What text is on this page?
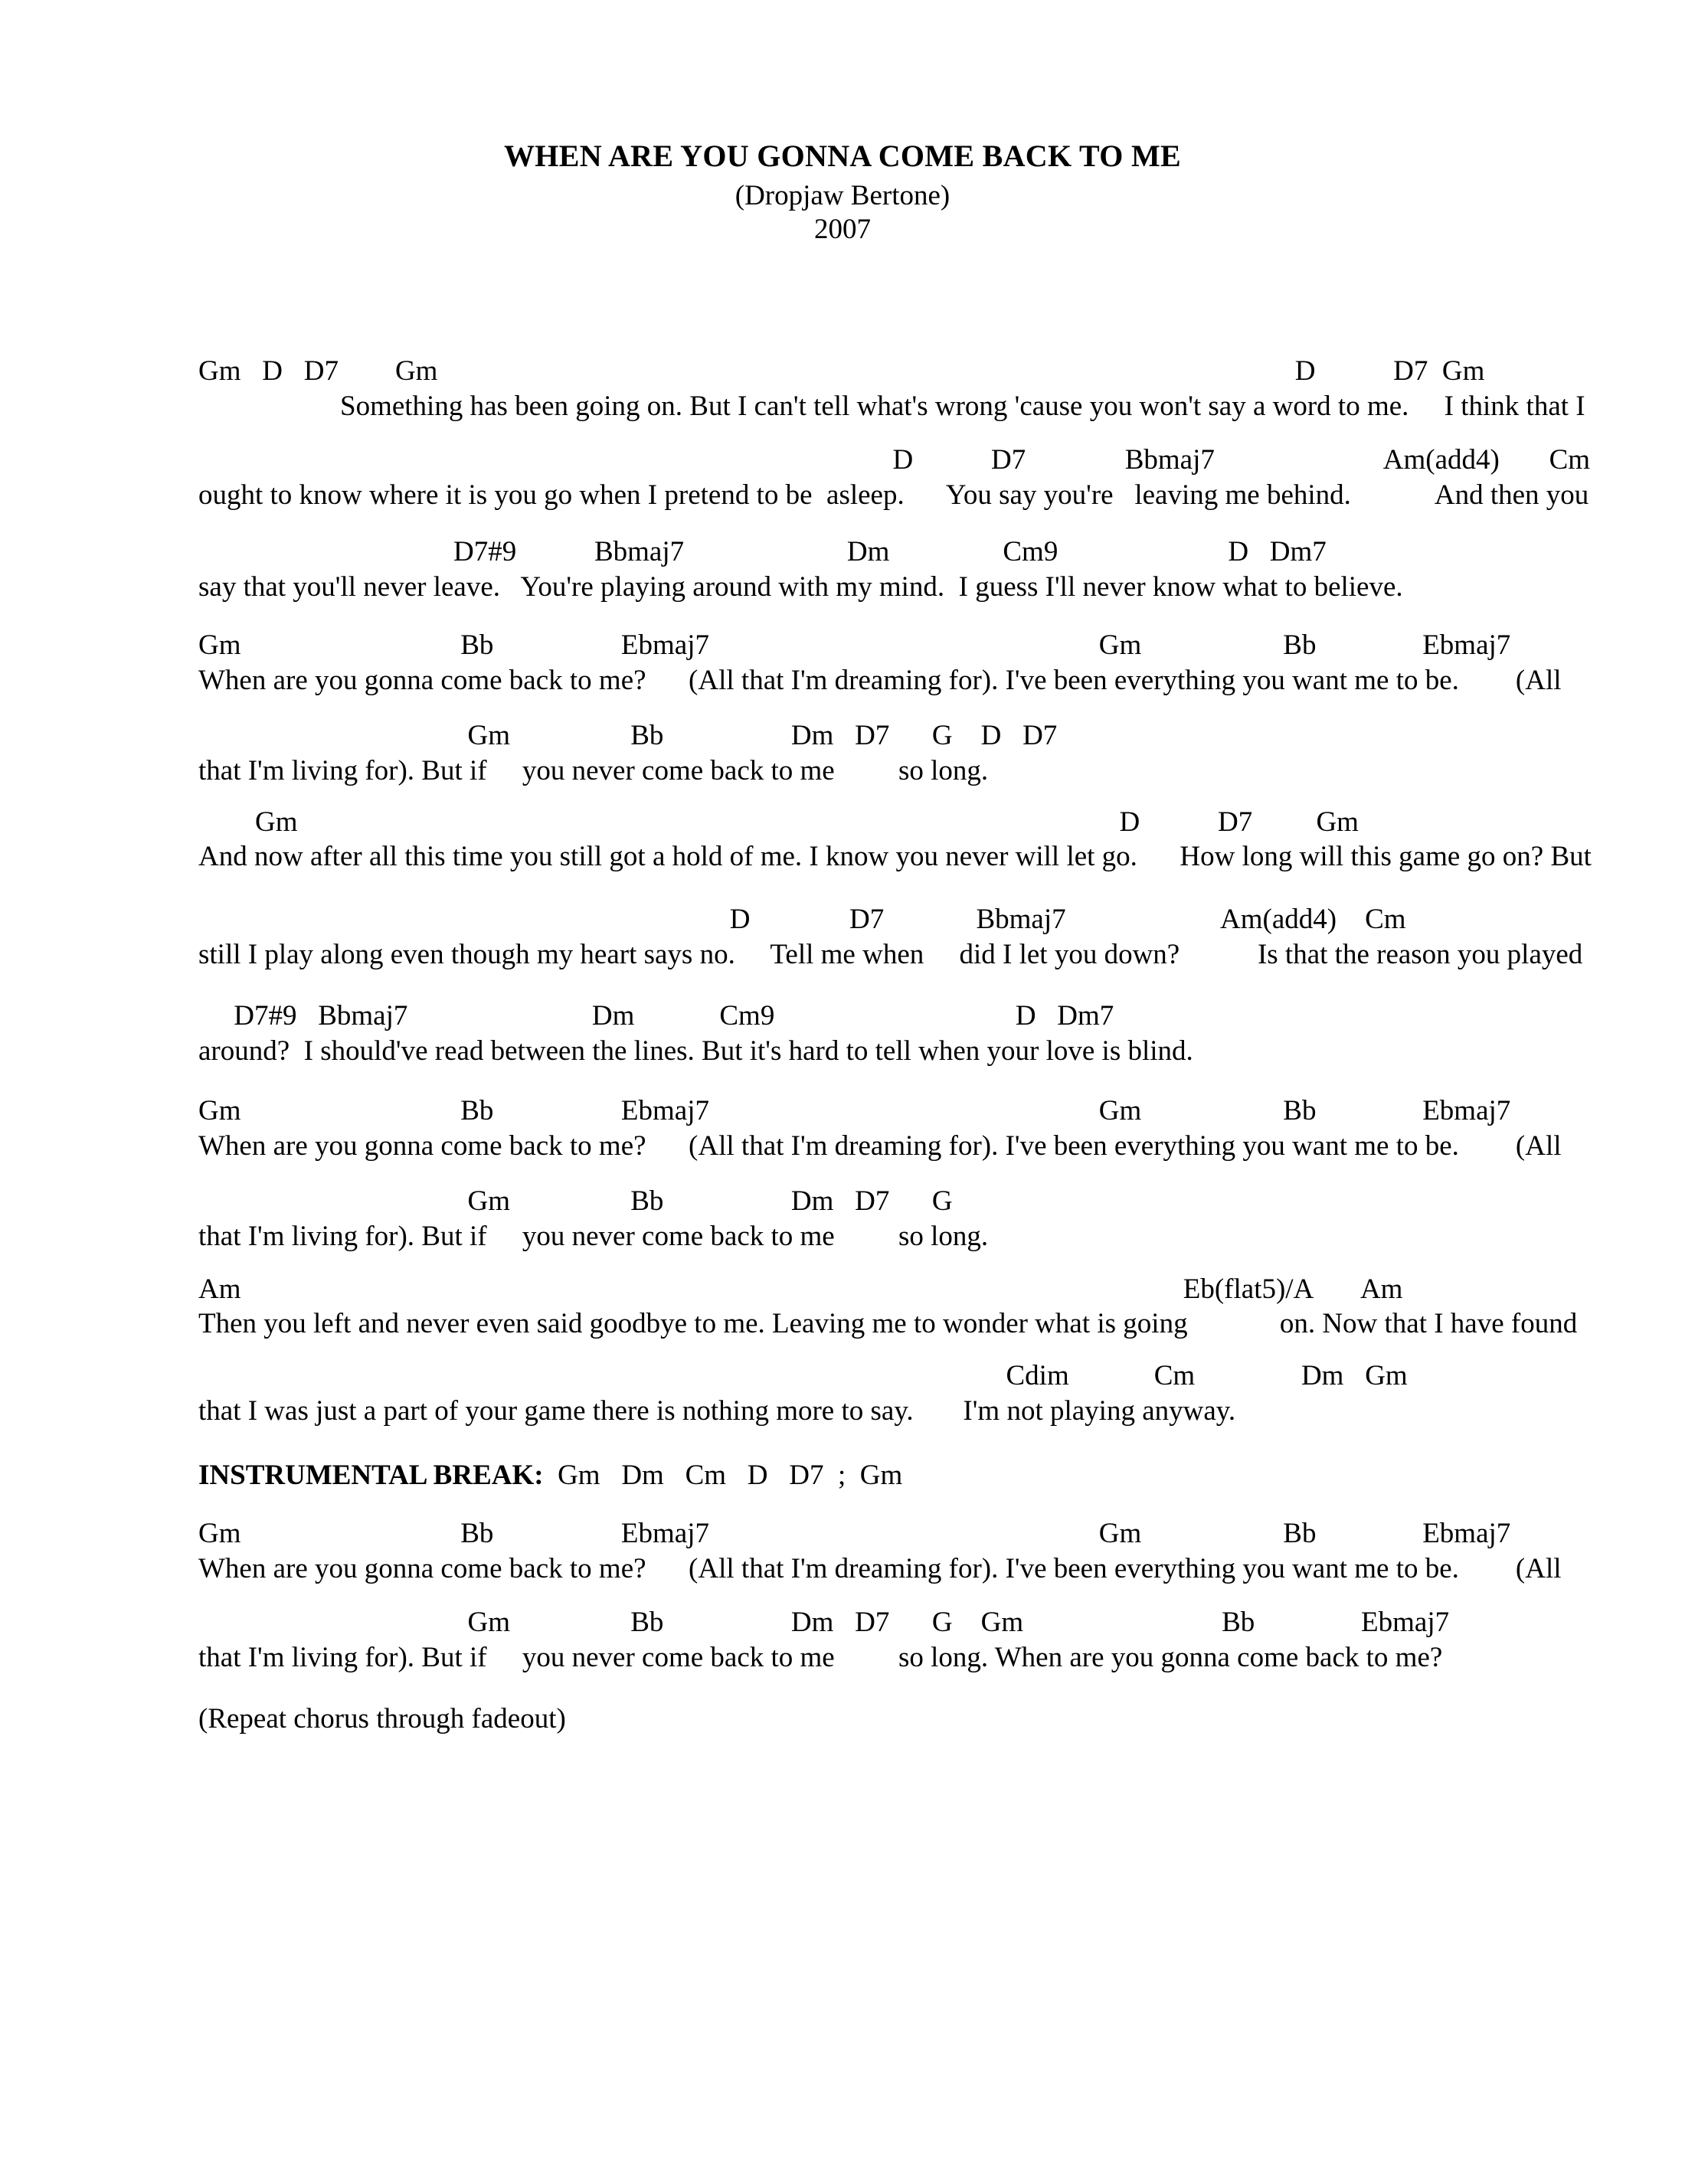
WHEN ARE YOU GONNA COME BACK TO ME
(Dropjaw Bertone)
2007
Gm   D   D7        Gm                                                                                                                         D           D7  Gm
Something has been going on. But I can't tell what's wrong 'cause you won't say a word to me.     I think that I
D           D7              Bbmaj7                        Am(add4)       Cm
ought to know where it is you go when I pretend to be  asleep.      You say you're   leaving me behind.            And then you
D7#9           Bbmaj7                       Dm                Cm9                        D   Dm7
say that you'll never leave.   You're playing around with my mind.  I guess I'll never know what to believe.
Gm                               Bb                  Ebmaj7                                                       Gm                    Bb               Ebmaj7
When are you gonna come back to me?      (All that I'm dreaming for). I've been everything you want me to be.        (All
Gm                 Bb                  Dm   D7      G    D   D7
that I'm living for). But if     you never come back to me         so long.
Gm                                                                                                                    D           D7         Gm
And now after all this time you still got a hold of me. I know you never will let go.      How long will this game go on? But
D              D7             Bbmaj7                      Am(add4)    Cm
still I play along even though my heart says no.     Tell me when     did I let you down?           Is that the reason you played
D7#9   Bbmaj7                          Dm            Cm9                                  D   Dm7
around?  I should've read between the lines. But it's hard to tell when your love is blind.
Gm                               Bb                  Ebmaj7                                                       Gm                    Bb               Ebmaj7
When are you gonna come back to me?      (All that I'm dreaming for). I've been everything you want me to be.        (All
Gm                 Bb                  Dm   D7      G
that I'm living for). But if     you never come back to me         so long.
Am                                                                                                                                     Eb(flat5)/A       Am
Then you left and never even said goodbye to me. Leaving me to wonder what is going             on. Now that I have found
Cdim            Cm               Dm   Gm
that I was just a part of your game there is nothing more to say.       I'm not playing anyway.
INSTRUMENTAL BREAK:  Gm   Dm   Cm   D   D7  ;  Gm
Gm                               Bb                  Ebmaj7                                                       Gm                    Bb               Ebmaj7
When are you gonna come back to me?      (All that I'm dreaming for). I've been everything you want me to be.        (All
Gm                 Bb                  Dm   D7      G    Gm                            Bb               Ebmaj7
that I'm living for). But if     you never come back to me         so long. When are you gonna come back to me?
(Repeat chorus through fadeout)
